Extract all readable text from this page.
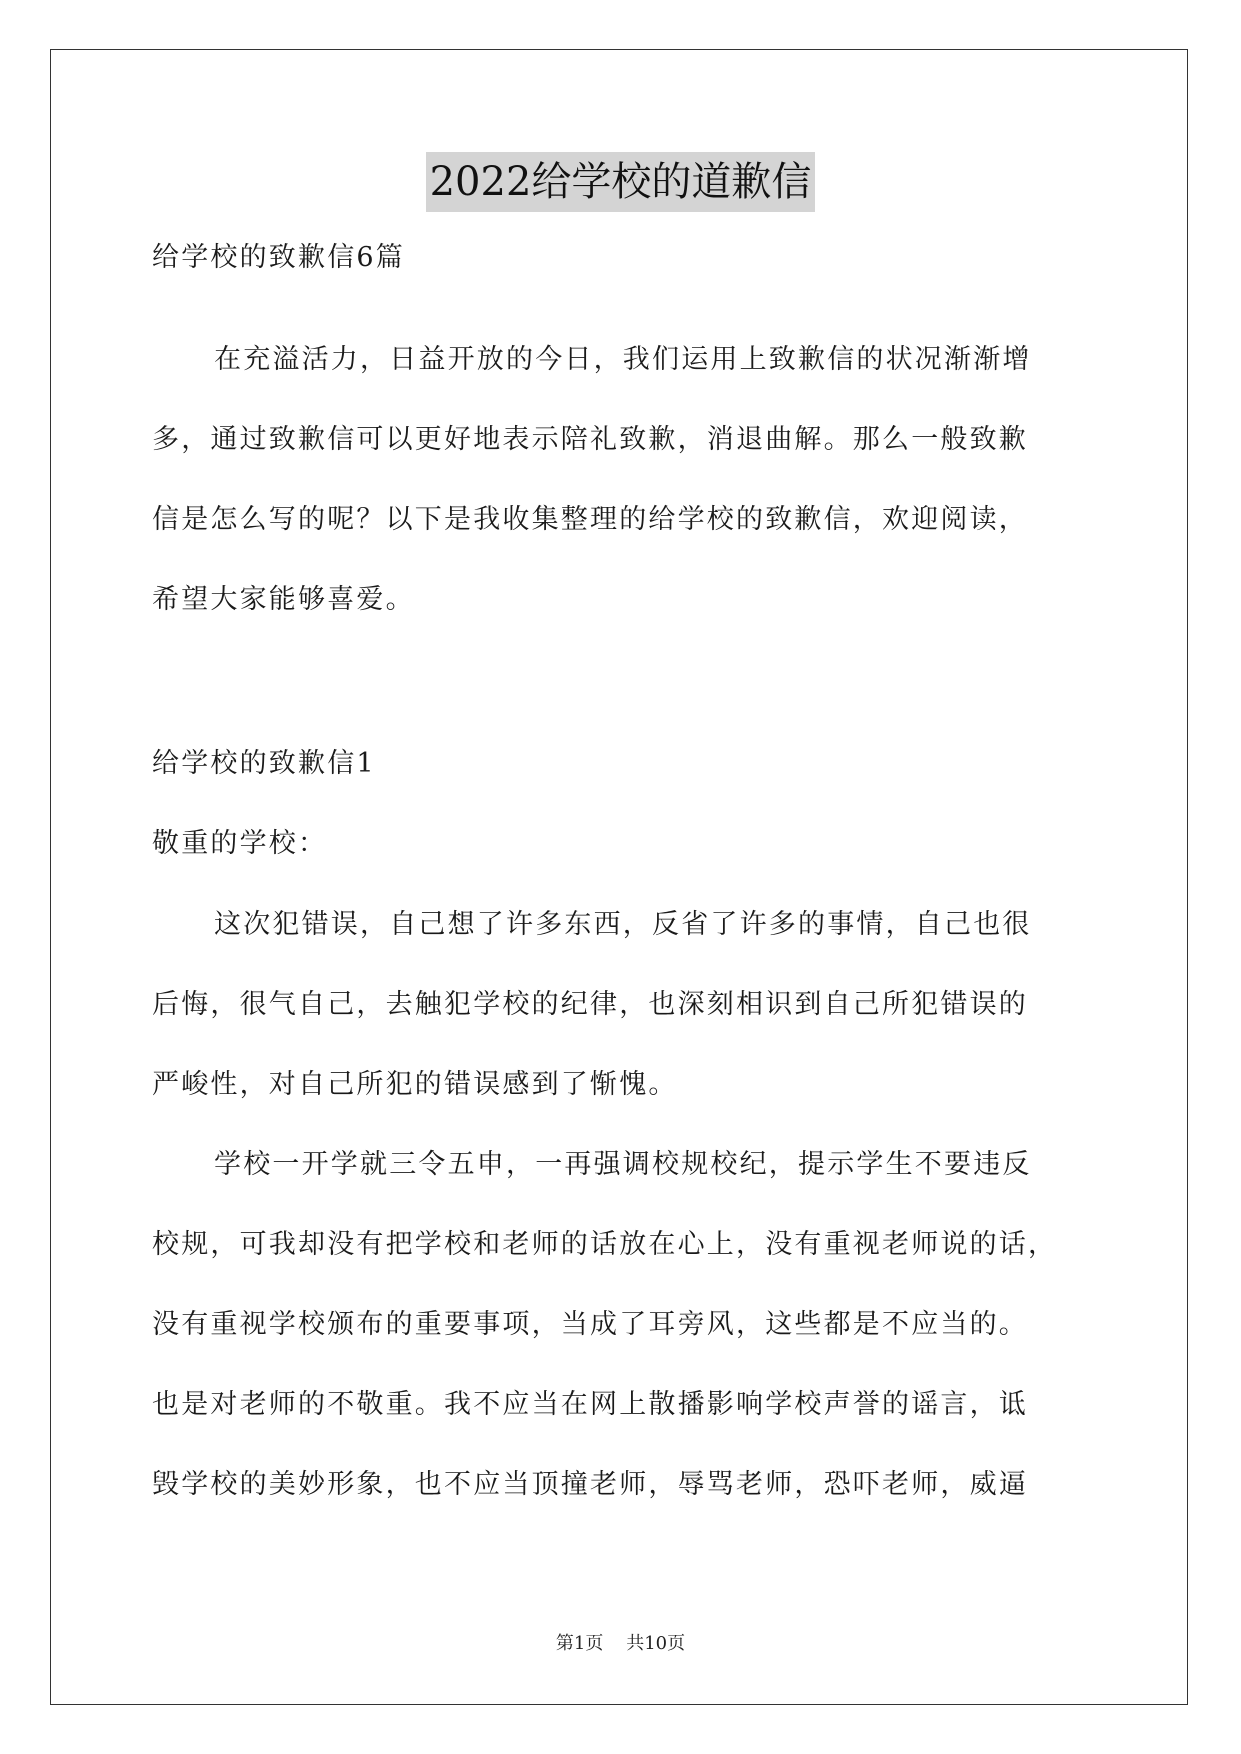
2022给学校的道歉信
给学校的致歉信6篇
在充溢活力，日益开放的今日，我们运用上致歉信的状况渐渐增
多，通过致歉信可以更好地表示陪礼致歉，消退曲解。那么一般致歉
信是怎么写的呢？以下是我收集整理的给学校的致歉信，欢迎阅读，
希望大家能够喜爱。
给学校的致歉信1
敬重的学校：
这次犯错误，自己想了许多东西，反省了许多的事情，自己也很
后悔，很气自己，去触犯学校的纪律，也深刻相识到自己所犯错误的
严峻性，对自己所犯的错误感到了惭愧。
学校一开学就三令五申，一再强调校规校纪，提示学生不要违反
校规，可我却没有把学校和老师的话放在心上，没有重视老师说的话，
没有重视学校颁布的重要事项，当成了耳旁风，这些都是不应当的。
也是对老师的不敬重。我不应当在网上散播影响学校声誉的谣言，诋
毁学校的美妙形象，也不应当顶撞老师，辱骂老师，恐吓老师，威逼
第1页 共10页
